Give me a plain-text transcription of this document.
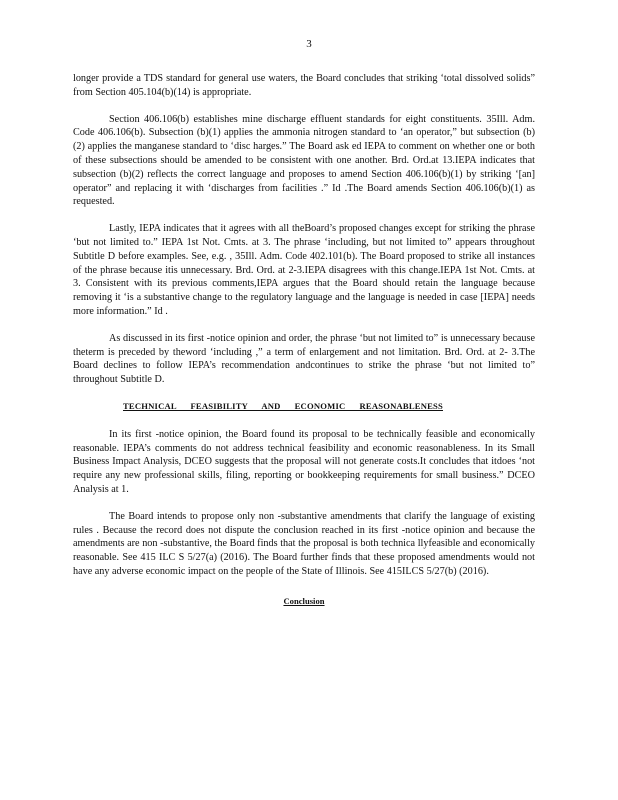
3

longer provide a TDS standard for general use waters, the Board concludes that striking ‘total dissolved solids” from Section 405.104(b)(14) is appropriate.

Section 406.106(b) establishes mine discharge effluent standards for eight constituents. 35Ill. Adm. Code 406.106(b). Subsection (b)(1) applies the ammonia nitrogen standard to ‘an operator,” but subsection (b)(2) applies the manganese standard to ‘disc harges.” The Board ask ed IEPA to comment on whether one or both of these subsections should be amended to be consistent with one another. Brd. Ord.at 13.IEPA indicates that subsection (b)(2) reflects the correct language and proposes to amend Section 406.106(b)(1) by striking ‘[an] operator” and replacing it with ‘discharges from facilities .” Id .The Board amends Section 406.106(b)(1) as requested.

Lastly, IEPA indicates that it agrees with all theBoard’s proposed changes except for striking the phrase ‘but not limited to.” IEPA 1st Not. Cmts. at 3. The phrase ‘including, but not limited to” appears throughout Subtitle D before examples. See, e.g. , 35Ill. Adm. Code 402.101(b). The Board proposed to strike all instances of the phrase because itis unnecessary. Brd. Ord. at 2-3.IEPA disagrees with this change.IEPA 1st Not. Cmts. at 3. Consistent with its previous comments,IEPA argues that the Board should retain the language because removing it ‘is a substantive change to the regulatory language and the language is needed in case [IEPA] needs more information.” Id .

As discussed in its first -notice opinion and order, the phrase ‘but not limited to” is unnecessary because theterm is preceded by theword ‘including ,” a term of enlargement and not limitation. Brd. Ord. at 2- 3.The Board declines to follow IEPA’s recommendation andcontinues to strike the phrase ‘but not limited to” throughout Subtitle D.

TECHNICAL FEASIBILITY AND ECONOMIC REASONABLENESS

In its first -notice opinion, the Board found its proposal to be technically feasible and economically reasonable. IEPA’s comments do not address technical feasibility and economic reasonableness. In its Small Business Impact Analysis, DCEO suggests that the proposal will not generate costs.It concludes that itdoes ‘not require any new professional skills, filing, reporting or bookkeeping requirements for small business.” DCEO Analysis at 1.

The Board intends to propose only non -substantive amendments that clarify the language of existing rules . Because the record does not dispute the conclusion reached in its first -notice opinion and because the amendments are non -substantive, the Board finds that the proposal is both technica llyfeasible and economically reasonable. See 415 ILC S 5/27(a) (2016). The Board further finds that these proposed amendments would not have any adverse economic impact on the people of the State of Illinois. See 415ILCS 5/27(b) (2016).

Conclusion
